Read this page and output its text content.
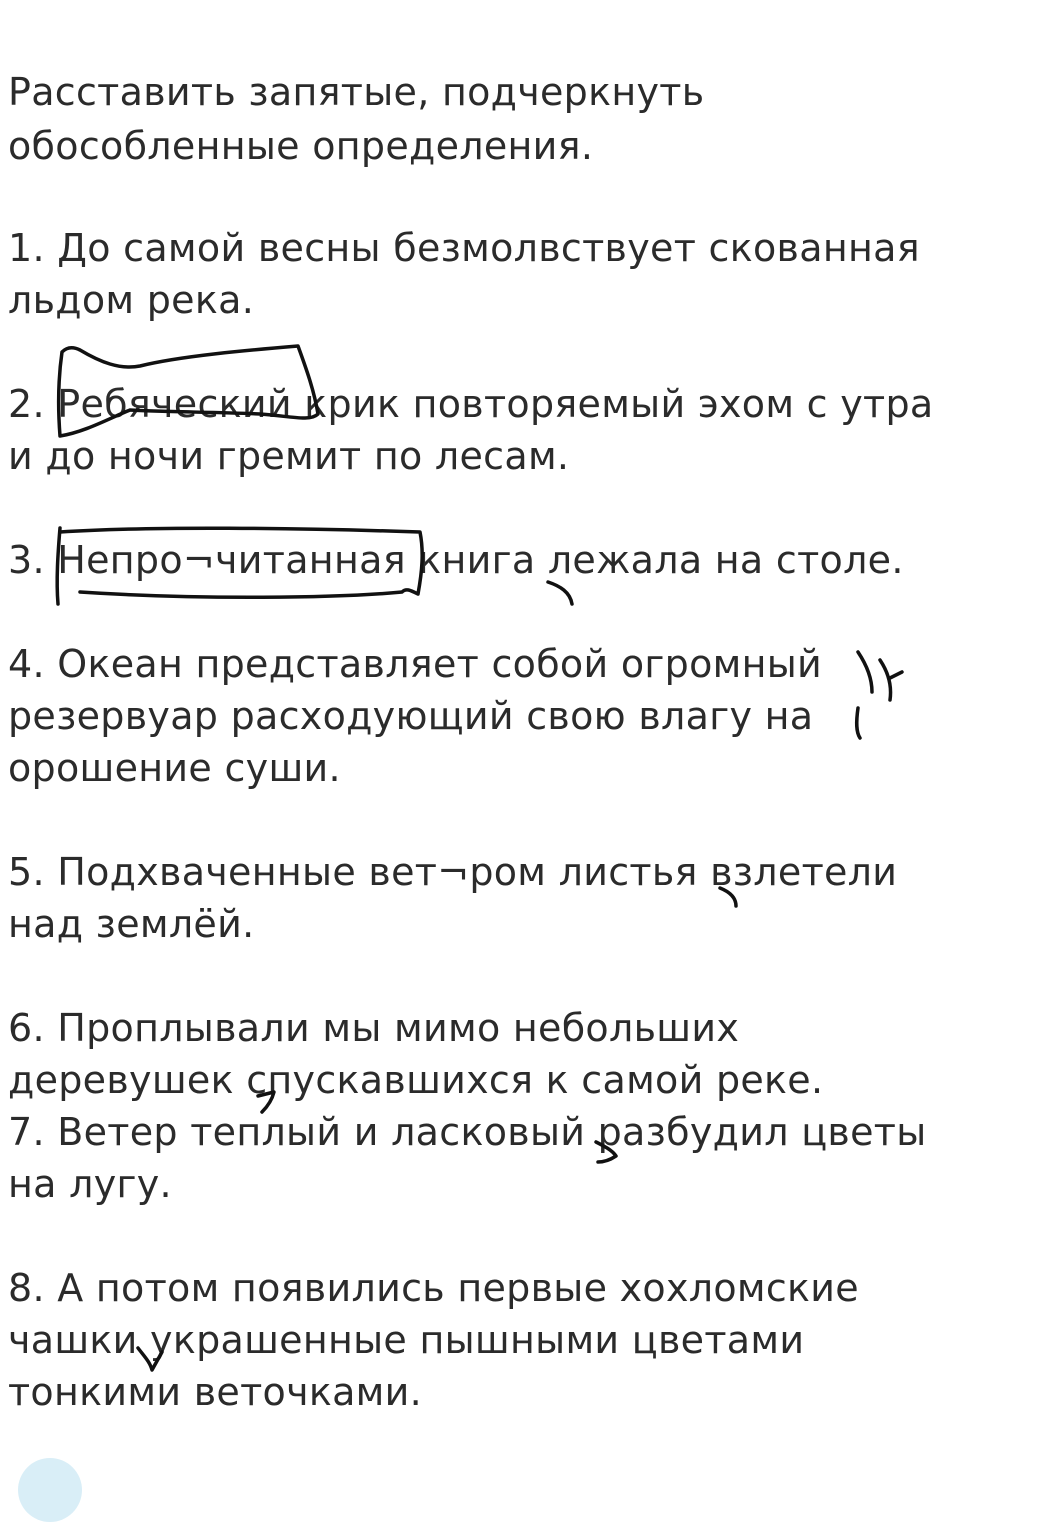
Расставить запятые, подчеркнуть

обособленные определения.

1. До самой весны безмолвствует скованная

льдом река.

2. Ребяческий крик повторяемый эхом с утра

и до ночи гремит по лесам.

3. Непро¬читанная книга лежала на столе.

4. Океан представляет собой огромный

резервуар расходующий свою влагу на

орошение суши.

5. Подхваченные вет¬ром листья взлетели

над землёй.

6. Проплывали мы мимо небольших

деревушек спускавшихся к самой реке.

7. Ветер теплый и ласковый разбудил цветы

на лугу.

8. А потом появились первые хохломские

чашки украшенные пышными цветами

тонкими веточками.
